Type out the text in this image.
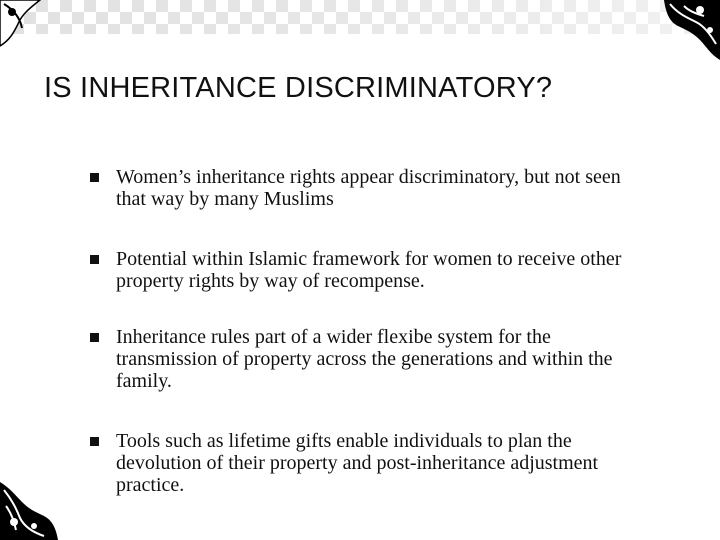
IS INHERITANCE DISCRIMINATORY?
Women’s inheritance rights appear discriminatory, but not seen that way by many Muslims
Potential within Islamic framework for women to receive other property rights by way of recompense.
Inheritance rules part of a wider flexibe system for the transmission of property across the generations and within the family.
Tools such as lifetime gifts enable individuals to plan the devolution of their property and post-inheritance adjustment practice.
